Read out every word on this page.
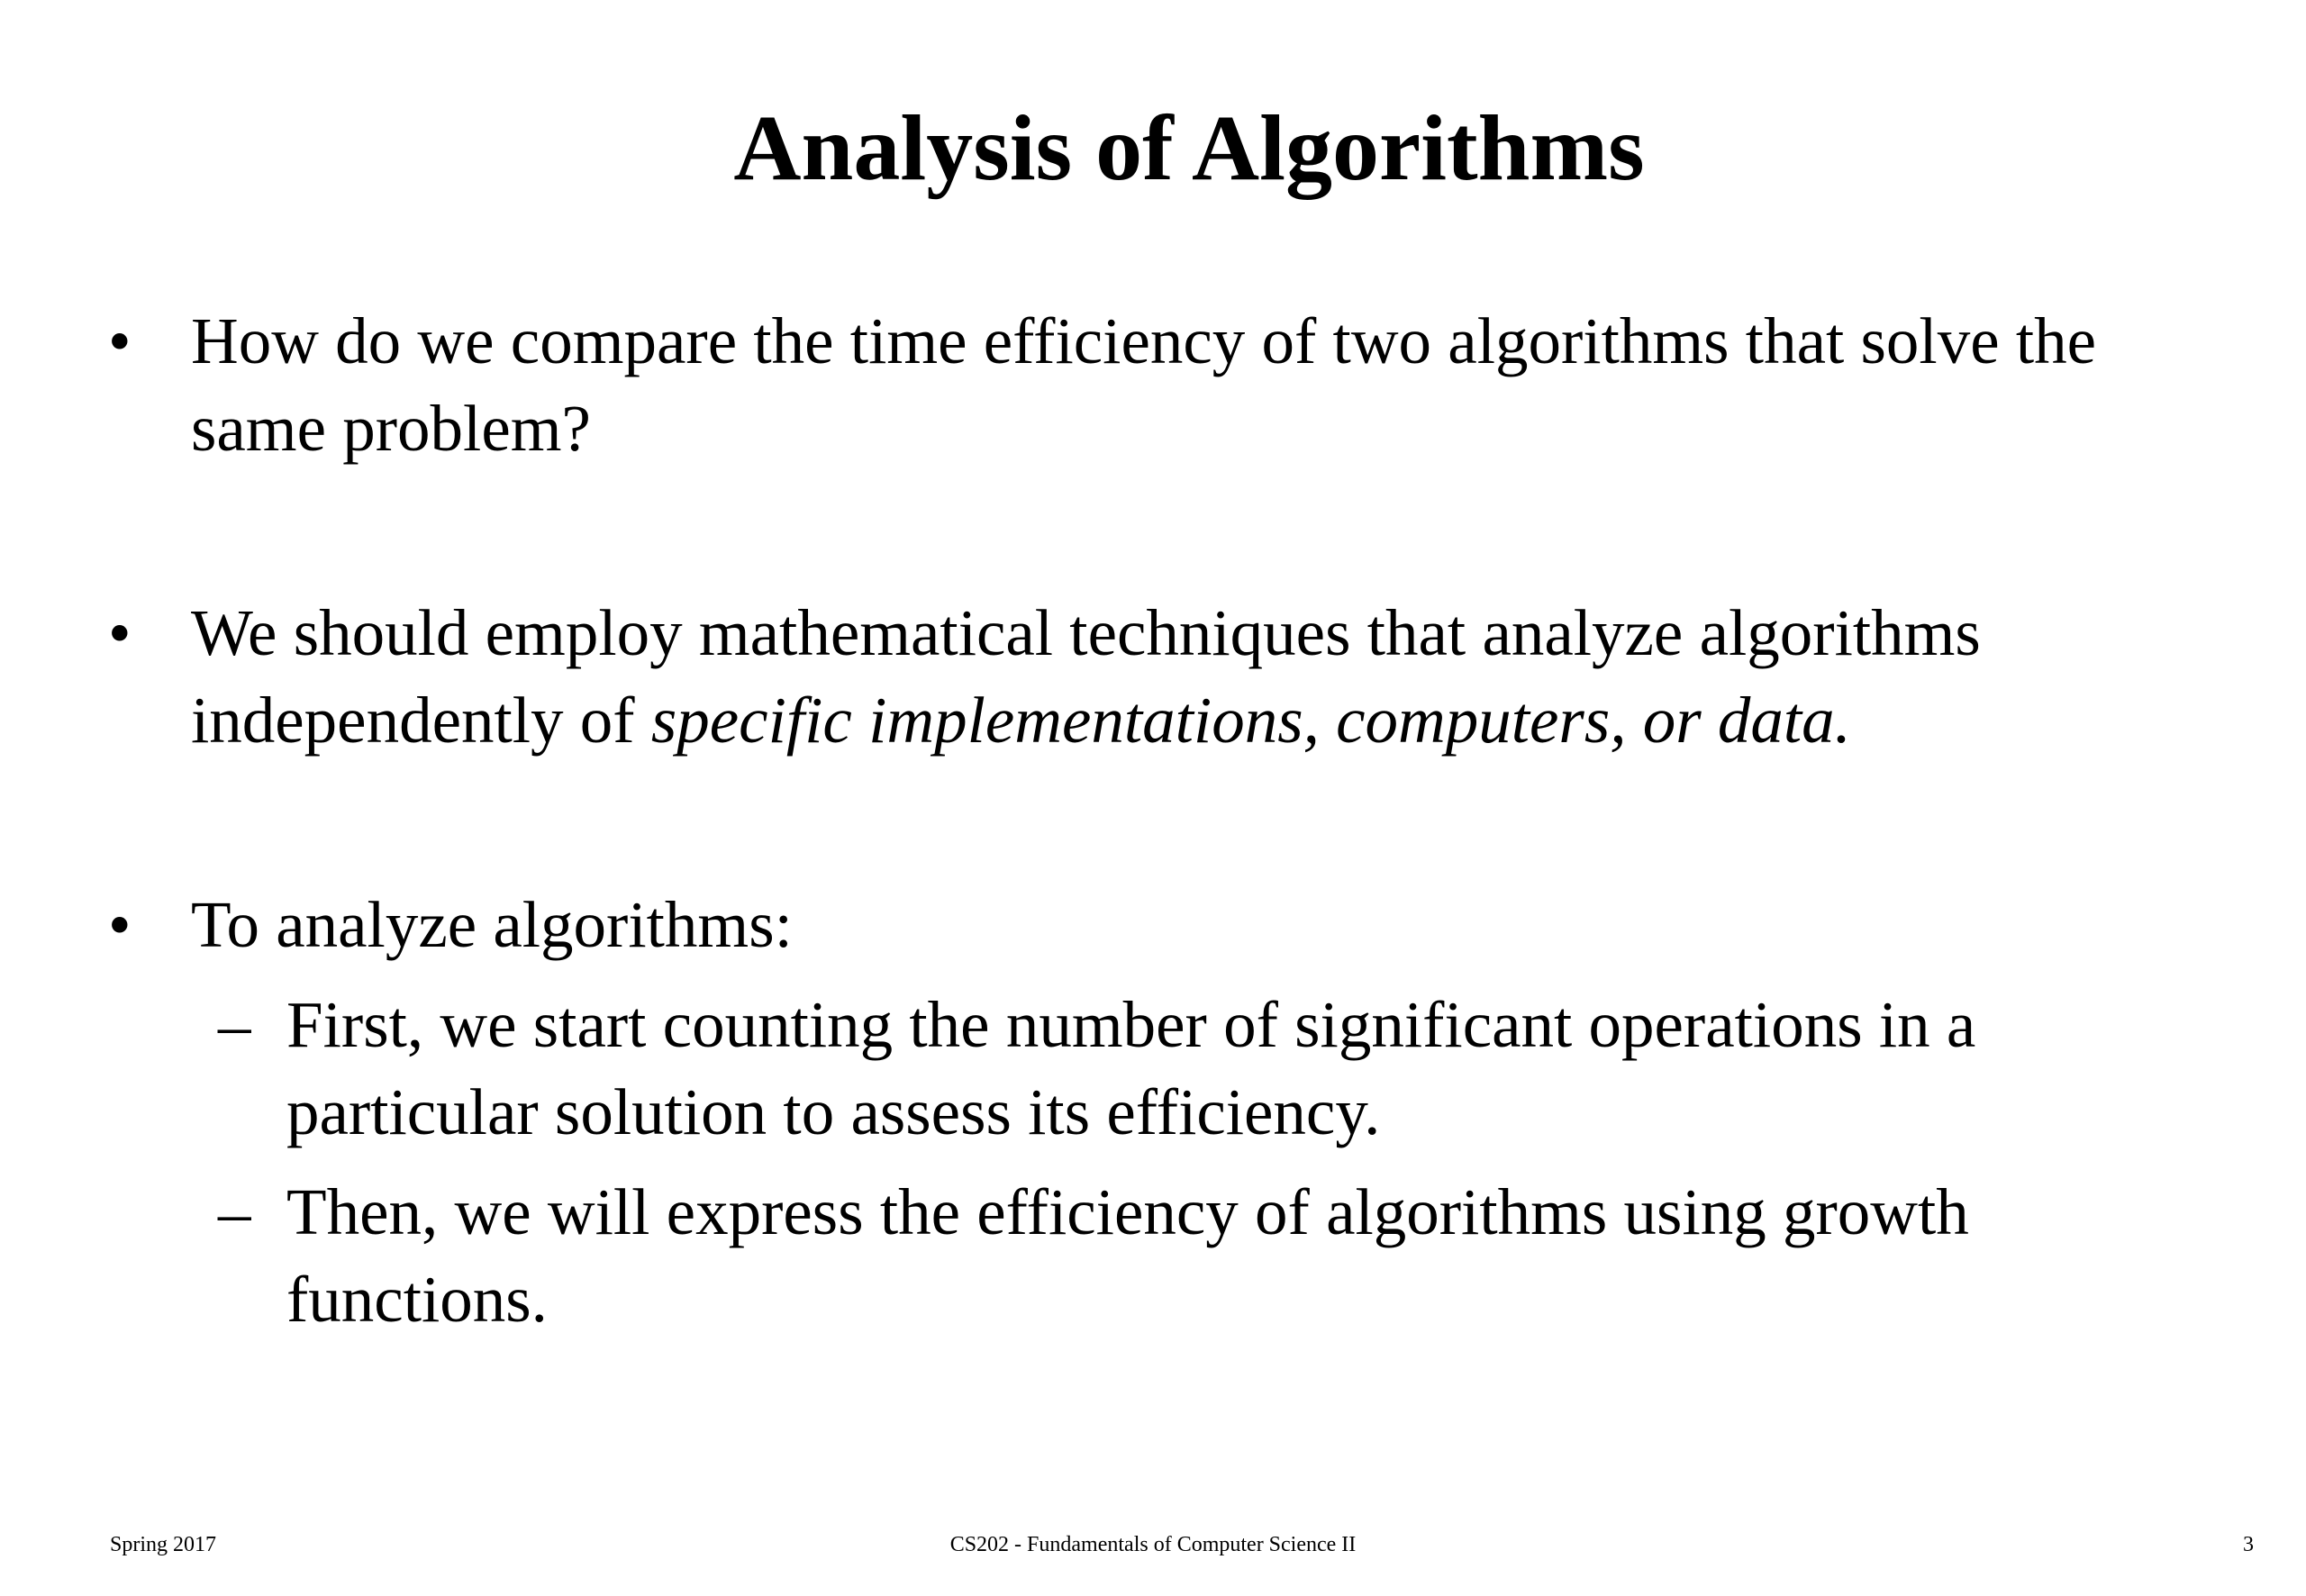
Analysis of Algorithms
• How do we compare the time efficiency of two algorithms that solve the same problem?
• We should employ mathematical techniques that analyze algorithms independently of specific implementations, computers, or data.
• To analyze algorithms:
– First, we start counting the number of significant operations in a particular solution to assess its efficiency.
– Then, we will express the efficiency of algorithms using growth functions.
Spring 2017	CS202 - Fundamentals of Computer Science II	3
